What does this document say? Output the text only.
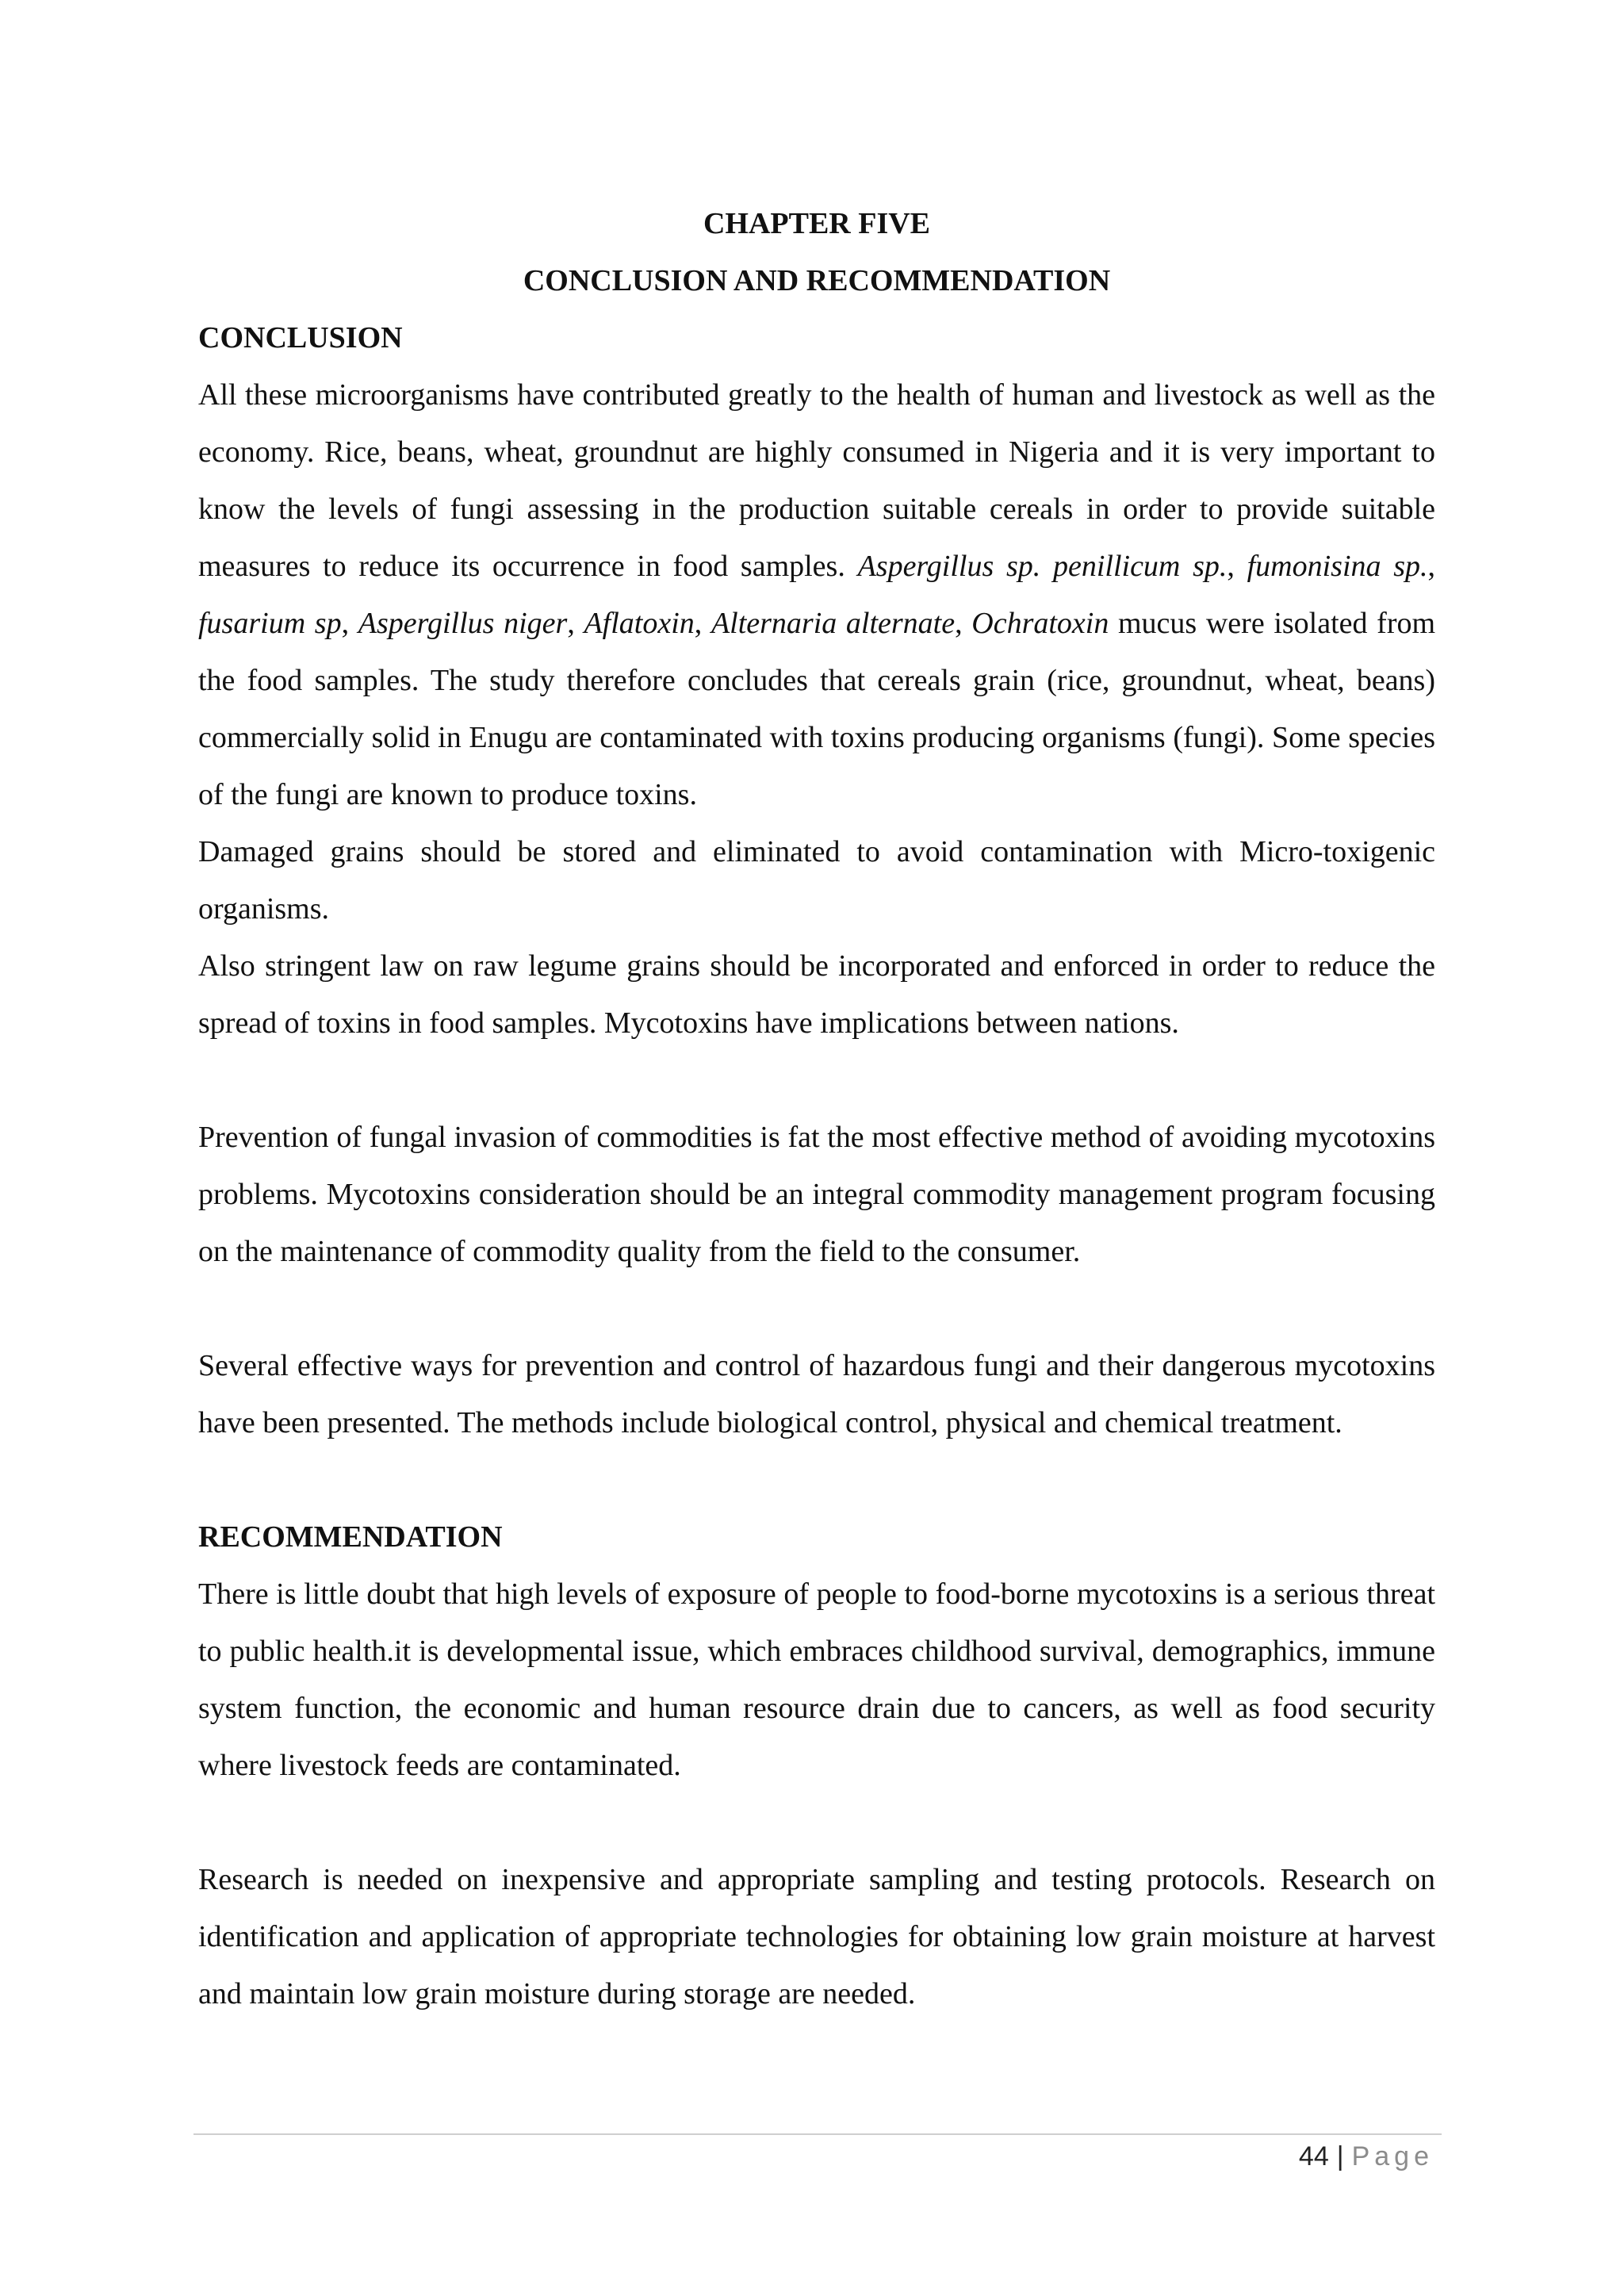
CHAPTER FIVE
CONCLUSION AND RECOMMENDATION
CONCLUSION

All these microorganisms have contributed greatly to the health of human and livestock as well as the economy. Rice, beans, wheat, groundnut are highly consumed in Nigeria and it is very important to know the levels of fungi assessing in the production suitable cereals in order to provide suitable measures to reduce its occurrence in food samples. Aspergillus sp. penillicum sp., fumonisina sp., fusarium sp, Aspergillus niger, Aflatoxin, Alternaria alternate, Ochratoxin mucus were isolated from the food samples. The study therefore concludes that cereals grain (rice, groundnut, wheat, beans) commercially solid in Enugu are contaminated with toxins producing organisms (fungi). Some species of the fungi are known to produce toxins.

Damaged grains should be stored and eliminated to avoid contamination with Micro-toxigenic organisms.

Also stringent law on raw legume grains should be incorporated and enforced in order to reduce the spread of toxins in food samples. Mycotoxins have implications between nations.

Prevention of fungal invasion of commodities is fat the most effective method of avoiding mycotoxins problems. Mycotoxins consideration should be an integral commodity management program focusing on the maintenance of commodity quality from the field to the consumer.

Several effective ways for prevention and control of hazardous fungi and their dangerous mycotoxins have been presented. The methods include biological control, physical and chemical treatment.

RECOMMENDATION

There is little doubt that high levels of exposure of people to food-borne mycotoxins is a serious threat to public health.it is developmental issue, which embraces childhood survival, demographics, immune system function, the economic and human resource drain due to cancers, as well as food security where livestock feeds are contaminated.

Research is needed on inexpensive and appropriate sampling and testing protocols. Research on identification and application of appropriate technologies for obtaining low grain moisture at harvest and maintain low grain moisture during storage are needed.

44 | Page
